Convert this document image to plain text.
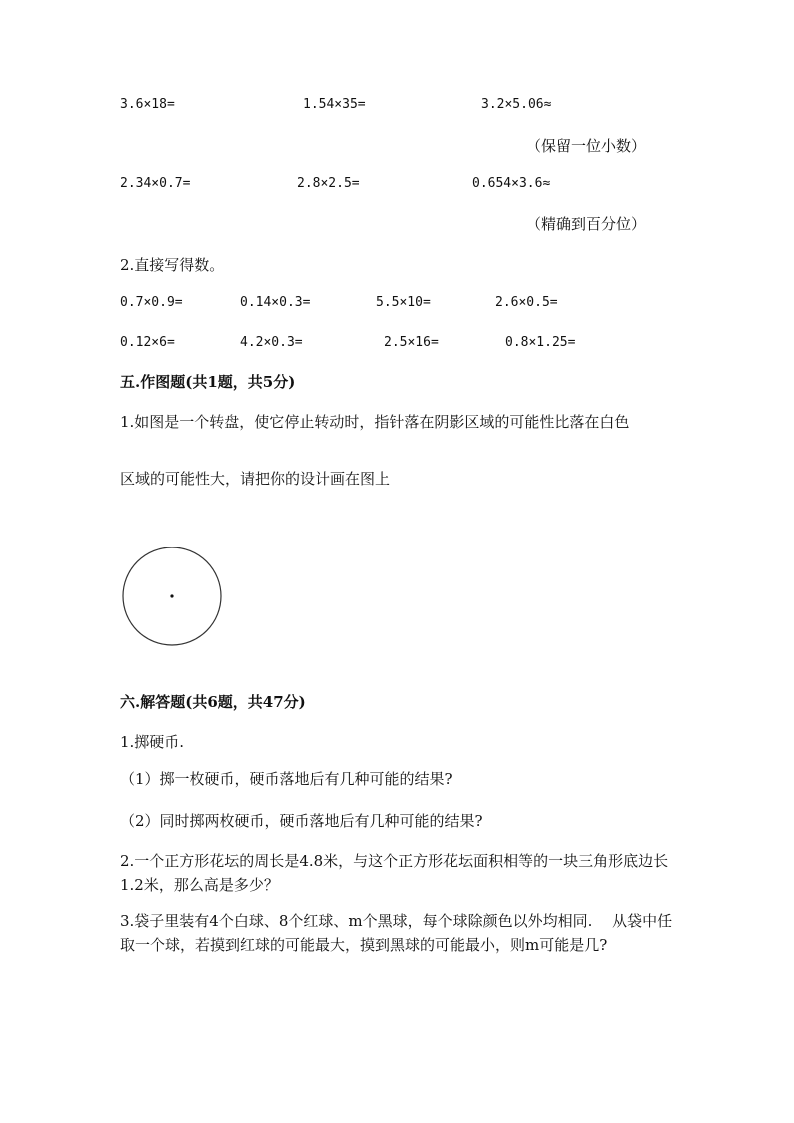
3.6×18=	1.54×35=	3.2×5.06≈
（保留一位小数）
2.34×0.7=	2.8×2.5=	0.654×3.6≈
（精确到百分位）
2.直接写得数。
0.7×0.9=	0.14×0.3=	5.5×10=	2.6×0.5=
0.12×6=	4.2×0.3=	2.5×16=	0.8×1.25=
五.作图题(共1题，共5分)
1.如图是一个转盘，使它停止转动时，指针落在阴影区域的可能性比落在白色
区域的可能性大，请把你的设计画在图上
六.解答题(共6题，共47分)
1.掷硬币.
（1）掷一枚硬币，硬币落地后有几种可能的结果?
（2）同时掷两枚硬币，硬币落地后有几种可能的结果?
2.一个正方形花坛的周长是4.8米，与这个正方形花坛面积相等的一块三角形底边长1.2米，那么高是多少？
3.袋子里装有4个白球、8个红球、m个黑球，每个球除颜色以外均相同.　 从袋中任取一个球，若摸到红球的可能最大，摸到黑球的可能最小，则m可能是几?
